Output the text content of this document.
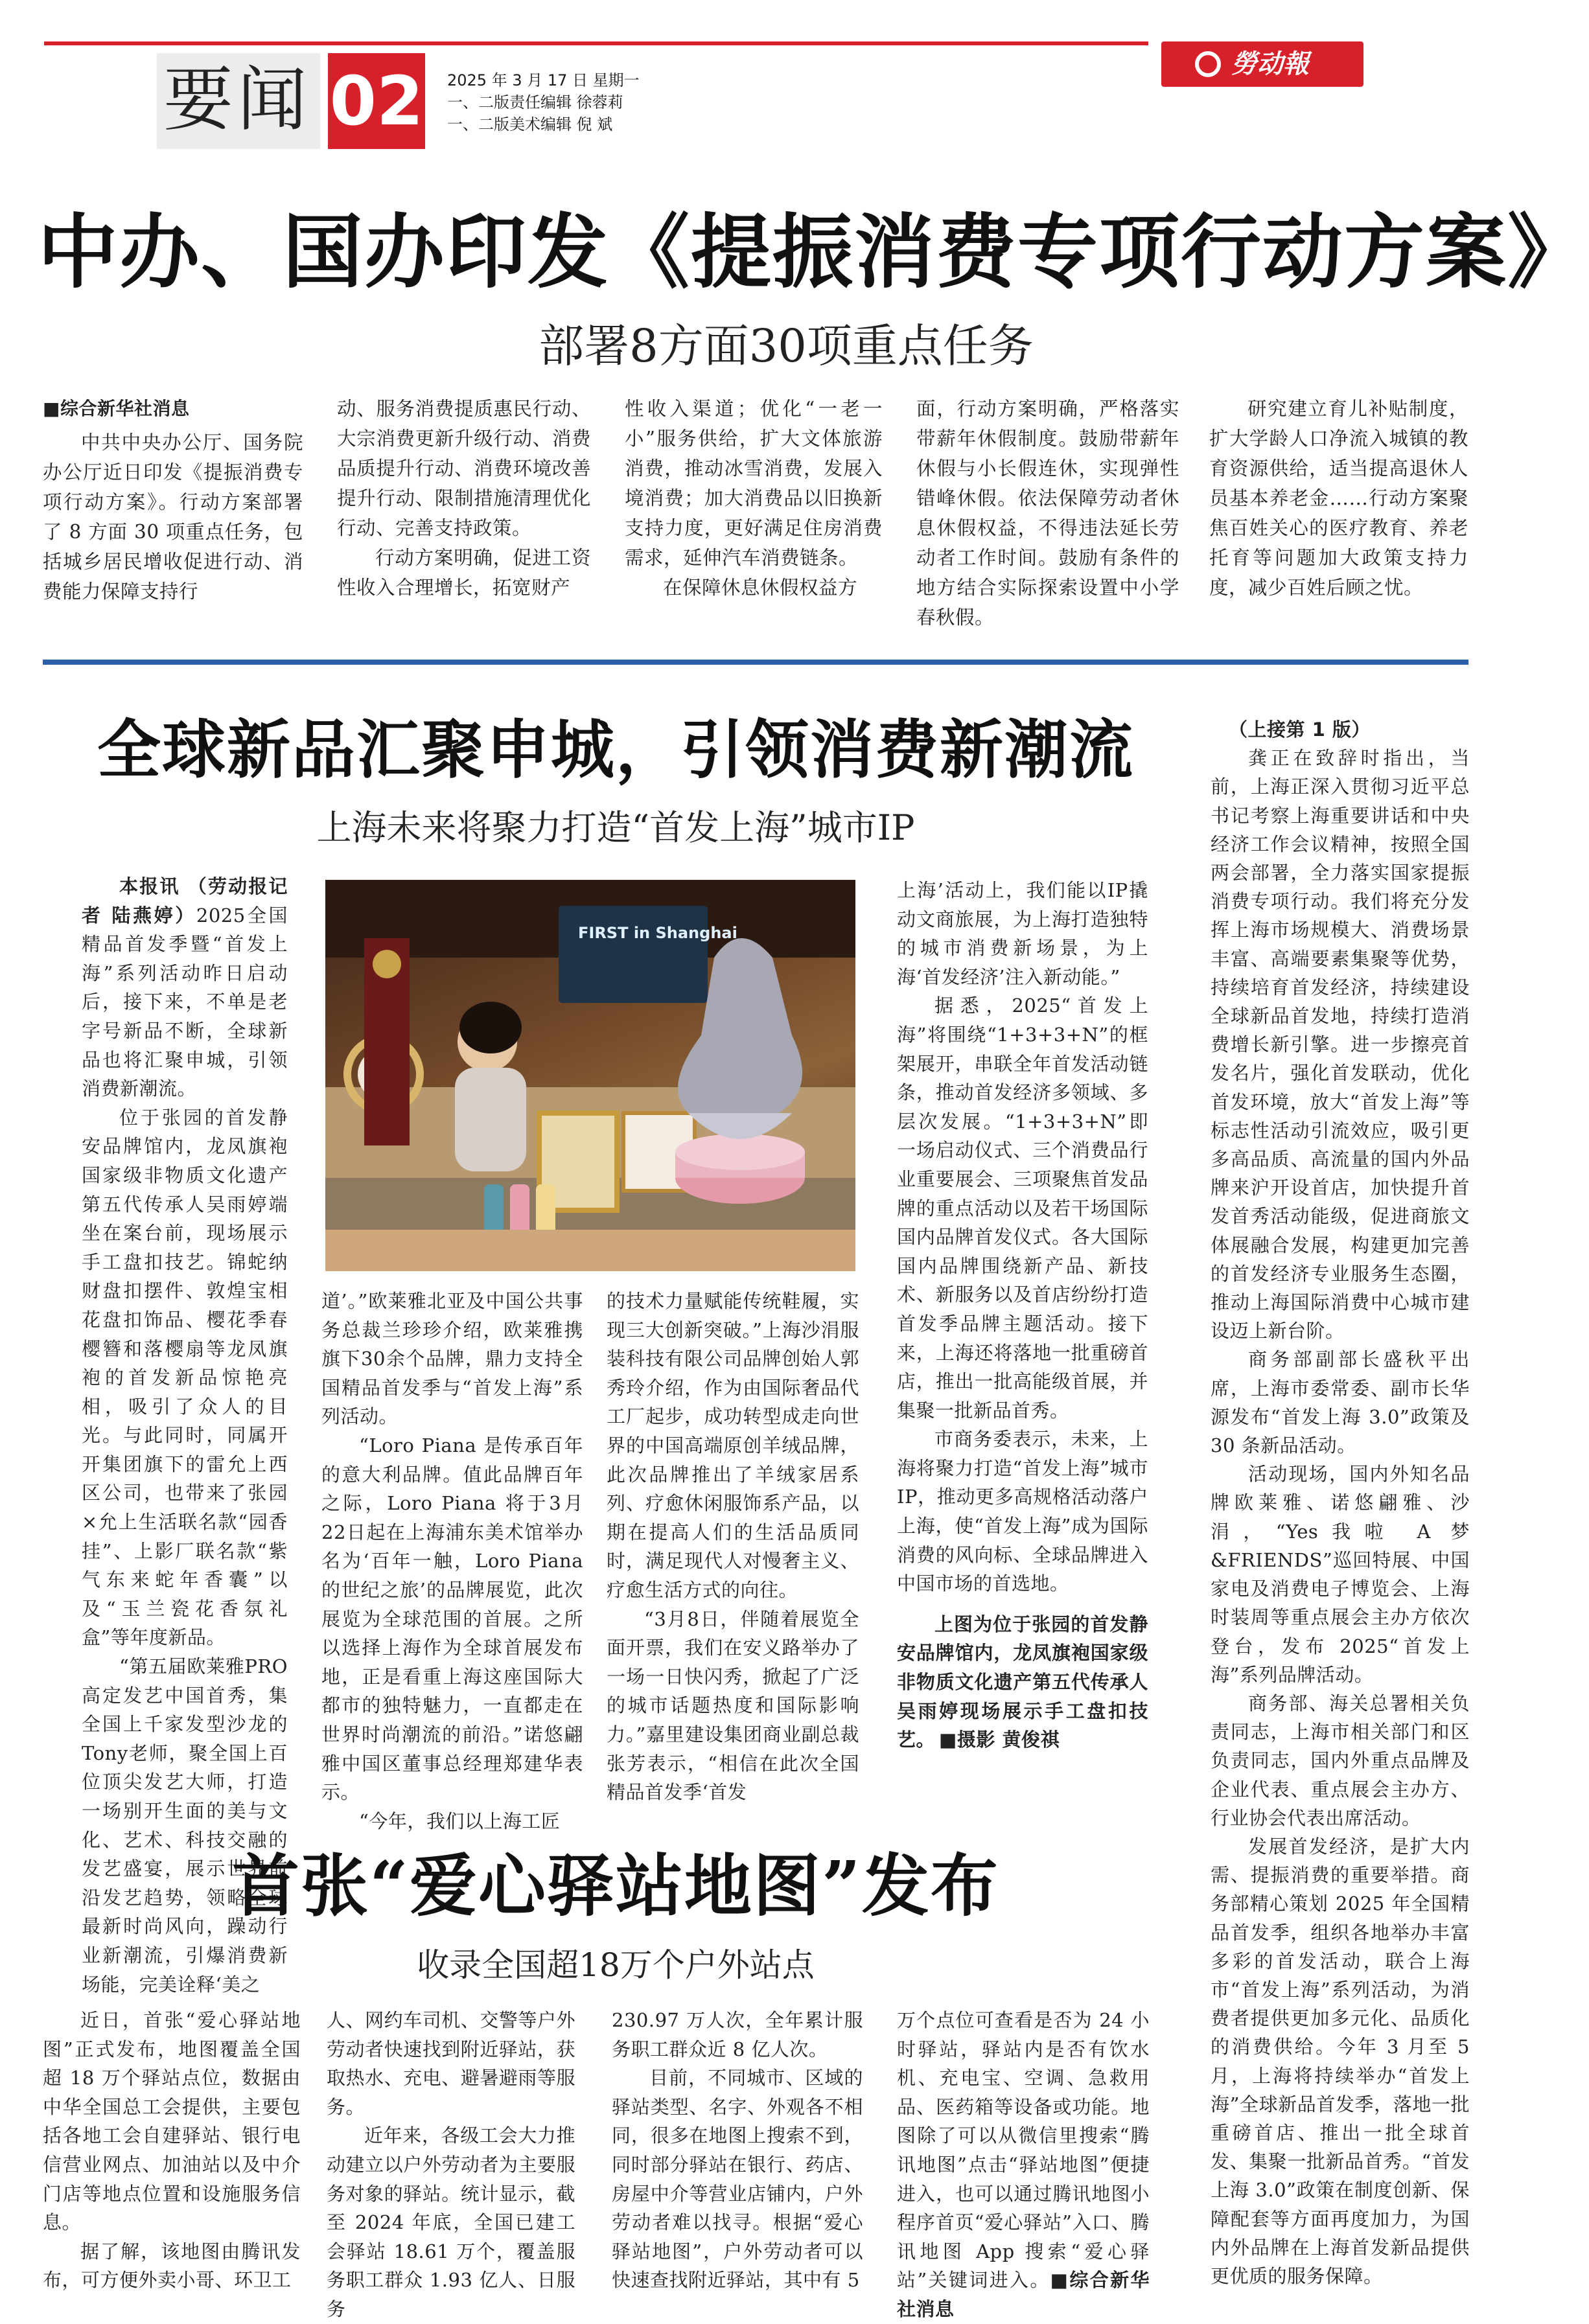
要闻 02 2025 年 3 月 17 日 星期一
一、二版责任编辑 徐蓉莉
一、二版美术编辑 倪 斌
勞动報
中办、国办印发《提振消费专项行动方案》
部署8方面30项重点任务

■综合新华社消息

中共中央办公厅、国务院办公厅近日印发《提振消费专项行动方案》。行动方案部署了 8 方面 30 项重点任务，包括城乡居民增收促进行动、消费能力保障支持行

动、服务消费提质惠民行动、大宗消费更新升级行动、消费品质提升行动、消费环境改善提升行动、限制措施清理优化行动、完善支持政策。

行动方案明确，促进工资性收入合理增长，拓宽财产

性收入渠道；优化“一老一小”服务供给，扩大文体旅游消费，推动冰雪消费，发展入境消费；加大消费品以旧换新支持力度，更好满足住房消费需求，延伸汽车消费链条。

在保障休息休假权益方

面，行动方案明确，严格落实带薪年休假制度。鼓励带薪年休假与小长假连休，实现弹性错峰休假。依法保障劳动者休息休假权益，不得违法延长劳动者工作时间。鼓励有条件的地方结合实际探索设置中小学春秋假。

研究建立育儿补贴制度，扩大学龄人口净流入城镇的教育资源供给，适当提高退休人员基本养老金……行动方案聚焦百姓关心的医疗教育、养老托育等问题加大政策支持力度，减少百姓后顾之忧。

全球新品汇聚申城，引领消费新潮流
上海未来将聚力打造“首发上海”城市IP

本报讯 （劳动报记者 陆燕婷）2025全国精品首发季暨“首发上海”系列活动昨日启动后，接下来，不单是老字号新品不断，全球新品也将汇聚申城，引领消费新潮流。

位于张园的首发静安品牌馆内，龙凤旗袍国家级非物质文化遗产第五代传承人吴雨婷端坐在案台前，现场展示手工盘扣技艺。锦蛇纳财盘扣摆件、敦煌宝相花盘扣饰品、樱花季春樱簪和落樱扇等龙凤旗袍的首发新品惊艳亮相，吸引了众人的目光。与此同时，同属开开集团旗下的雷允上西区公司，也带来了张园×允上生活联名款“园香挂”、上影厂联名款“紫气东来蛇年香囊”以及“玉兰瓷花香氛礼盒”等年度新品。

“第五届欧莱雅PRO高定发艺中国首秀，集全国上千家发型沙龙的Tony老师，聚全国上百位顶尖发艺大师，打造一场别开生面的美与文化、艺术、科技交融的发艺盛宴，展示世界前沿发艺趋势，领略全球最新时尚风向，躁动行业新潮流，引爆消费新场能，完美诠释‘美之

FIRST in Shanghai

道’。”欧莱雅北亚及中国公共事务总裁兰珍珍介绍，欧莱雅携旗下30余个品牌，鼎力支持全国精品首发季与“首发上海”系列活动。

“Loro Piana 是传承百年的意大利品牌。值此品牌百年之际，Loro Piana 将于3月22日起在上海浦东美术馆举办名为‘百年一触，Loro Piana 的世纪之旅’的品牌展览，此次展览为全球范围的首展。之所以选择上海作为全球首展发布地，正是看重上海这座国际大都市的独特魅力，一直都走在世界时尚潮流的前沿。”诺悠翩雅中国区董事总经理郑建华表示。

“今年，我们以上海工匠

的技术力量赋能传统鞋履，实现三大创新突破。”上海沙涓服装科技有限公司品牌创始人郭秀玲介绍，作为由国际奢品代工厂起步，成功转型成走向世界的中国高端原创羊绒品牌，此次品牌推出了羊绒家居系列、疗愈休闲服饰系产品，以期在提高人们的生活品质同时，满足现代人对慢奢主义、疗愈生活方式的向往。

“3月8日，伴随着展览全面开票，我们在安义路举办了一场一日快闪秀，掀起了广泛的城市话题热度和国际影响力。”嘉里建设集团商业副总裁张芳表示，“相信在此次全国精品首发季‘首发

上海’活动上，我们能以IP撬动文商旅展，为上海打造独特的城市消费新场景，为上海‘首发经济’注入新动能。”

据悉，2025“首发上海”将围绕“1+3+3+N”的框架展开，串联全年首发活动链条，推动首发经济多领域、多层次发展。“1+3+3+N”即一场启动仪式、三个消费品行业重要展会、三项聚焦首发品牌的重点活动以及若干场国际国内品牌首发仪式。各大国际国内品牌围绕新产品、新技术、新服务以及首店纷纷打造首发季品牌主题活动。接下来，上海还将落地一批重磅首店，推出一批高能级首展，并集聚一批新品首秀。

市商务委表示，未来，上海将聚力打造“首发上海”城市IP，推动更多高规格活动落户上海，使“首发上海”成为国际消费的风向标、全球品牌进入中国市场的首选地。

上图为位于张园的首发静安品牌馆内，龙凤旗袍国家级非物质文化遗产第五代传承人吴雨婷现场展示手工盘扣技艺。 ■摄影 黄俊祺

首张“爱心驿站地图”发布
收录全国超18万个户外站点

近日，首张“爱心驿站地图”正式发布，地图覆盖全国超 18 万个驿站点位，数据由中华全国总工会提供，主要包括各地工会自建驿站、银行电信营业网点、加油站以及中介门店等地点位置和设施服务信息。

据了解，该地图由腾讯发布，可方便外卖小哥、环卫工

人、网约车司机、交警等户外劳动者快速找到附近驿站，获取热水、充电、避暑避雨等服务。

近年来，各级工会大力推动建立以户外劳动者为主要服务对象的驿站。统计显示，截至 2024 年底，全国已建工会驿站 18.61 万个，覆盖服务职工群众 1.93 亿人、日服务

230.97 万人次，全年累计服务职工群众近 8 亿人次。

目前，不同城市、区域的驿站类型、名字、外观各不相同，很多在地图上搜索不到，同时部分驿站在银行、药店、房屋中介等营业店铺内，户外劳动者难以找寻。根据“爱心驿站地图”，户外劳动者可以快速查找附近驿站，其中有 5

万个点位可查看是否为 24 小时驿站，驿站内是否有饮水机、充电宝、空调、急救用品、医药箱等设备或功能。地图除了可以从微信里搜索“腾讯地图”点击“驿站地图”便捷进入，也可以通过腾讯地图小程序首页“爱心驿站”入口、腾讯地图 App 搜索“爱心驿站”关键词进入。■综合新华社消息

（上接第 1 版）

龚正在致辞时指出，当前，上海正深入贯彻习近平总书记考察上海重要讲话和中央经济工作会议精神，按照全国两会部署，全力落实国家提振消费专项行动。我们将充分发挥上海市场规模大、消费场景丰富、高端要素集聚等优势，持续培育首发经济，持续建设全球新品首发地，持续打造消费增长新引擎。进一步擦亮首发名片，强化首发联动，优化首发环境，放大“首发上海”等标志性活动引流效应，吸引更多高品质、高流量的国内外品牌来沪开设首店，加快提升首发首秀活动能级，促进商旅文体展融合发展，构建更加完善的首发经济专业服务生态圈，推动上海国际消费中心城市建设迈上新台阶。

商务部副部长盛秋平出席，上海市委常委、副市长华源发布“首发上海 3.0”政策及 30 条新品活动。

活动现场，国内外知名品牌欧莱雅、诺悠翩雅、沙涓，“Yes我啦 A 梦 &FRIENDS”巡回特展、中国家电及消费电子博览会、上海时装周等重点展会主办方依次登台，发布 2025“首发上海”系列品牌活动。

商务部、海关总署相关负责同志，上海市相关部门和区负责同志，国内外重点品牌及企业代表、重点展会主办方、行业协会代表出席活动。

发展首发经济，是扩大内需、提振消费的重要举措。商务部精心策划 2025 年全国精品首发季，组织各地举办丰富多彩的首发活动，联合上海市“首发上海”系列活动，为消费者提供更加多元化、品质化的消费供给。今年 3 月至 5 月，上海将持续举办“首发上海”全球新品首发季，落地一批重磅首店、推出一批全球首发、集聚一批新品首秀。“首发上海 3.0”政策在制度创新、保障配套等方面再度加力，为国内外品牌在上海首发新品提供更优质的服务保障。
